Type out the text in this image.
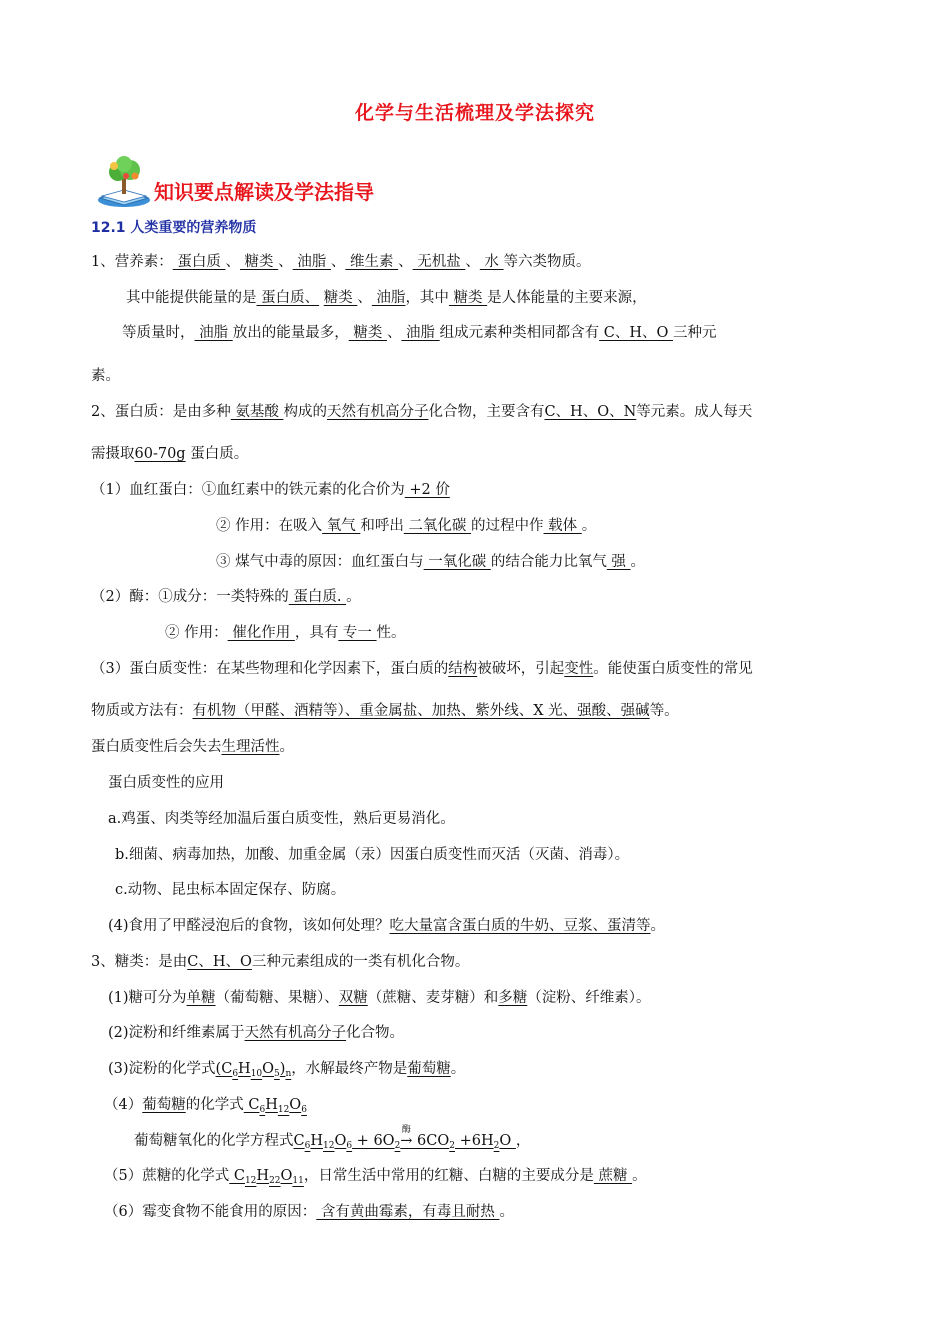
化学与生活梳理及学法探究
知识要点解读及学法指导
12.1 人类重要的营养物质
1、营养素： 蛋白质 、 糖类 、 油脂 、 维生素 、 无机盐 、 水 等六类物质。
其中能提供能量的是 蛋白质、 糖类 、 油脂，其中 糖类 是人体能量的主要来源，
等质量时， 油脂 放出的能量最多， 糖类 、 油脂 组成元素种类相同都含有 C、H、O 三种元
素。
2、蛋白质：是由多种 氨基酸 构成的天然有机高分子化合物，主要含有C、H、O、N等元素。成人每天
需摄取60-70g 蛋白质。
（1）血红蛋白：①血红素中的铁元素的化合价为 +2 价
② 作用：在吸入 氧气 和呼出 二氧化碳 的过程中作 载体 。
③ 煤气中毒的原因：血红蛋白与 一氧化碳 的结合能力比氧气 强 。
（2）酶：①成分：一类特殊的 蛋白质. 。
② 作用： 催化作用 ，具有 专一 性。
（3）蛋白质变性：在某些物理和化学因素下，蛋白质的结构被破坏，引起变性。能使蛋白质变性的常见
物质或方法有：有机物（甲醛、酒精等）、重金属盐、加热、紫外线、X 光、强酸、强碱等。
蛋白质变性后会失去生理活性。
蛋白质变性的应用
a.鸡蛋、肉类等经加温后蛋白质变性，熟后更易消化。
b.细菌、病毒加热，加酸、加重金属（汞）因蛋白质变性而灭活（灭菌、消毒）。
c.动物、昆虫标本固定保存、防腐。
(4)食用了甲醛浸泡后的食物，该如何处理？吃大量富含蛋白质的牛奶、豆浆、蛋清等。
3、糖类：是由C、H、O三种元素组成的一类有机化合物。
(1)糖可分为单糖（葡萄糖、果糖）、双糖（蔗糖、麦芽糖）和多糖（淀粉、纤维素）。
(2)淀粉和纤维素属于天然有机高分子化合物。
(3)淀粉的化学式$(C_6H_{10}O_5)_n$，水解最终产物是葡萄糖。
（4）葡萄糖的化学式 $C_6H_{12}O_6$
葡萄糖氧化的化学方程式$C_6H_{12}O_6 + 6O_2$
酶
→ $6CO_2 +6H_2O$ ，
（5）蔗糖的化学式 $C_{12}H_{22}O_{11}$，日常生活中常用的红糖、白糖的主要成分是 蔗糖 。
（6）霉变食物不能食用的原因： 含有黄曲霉素，有毒且耐热 。
